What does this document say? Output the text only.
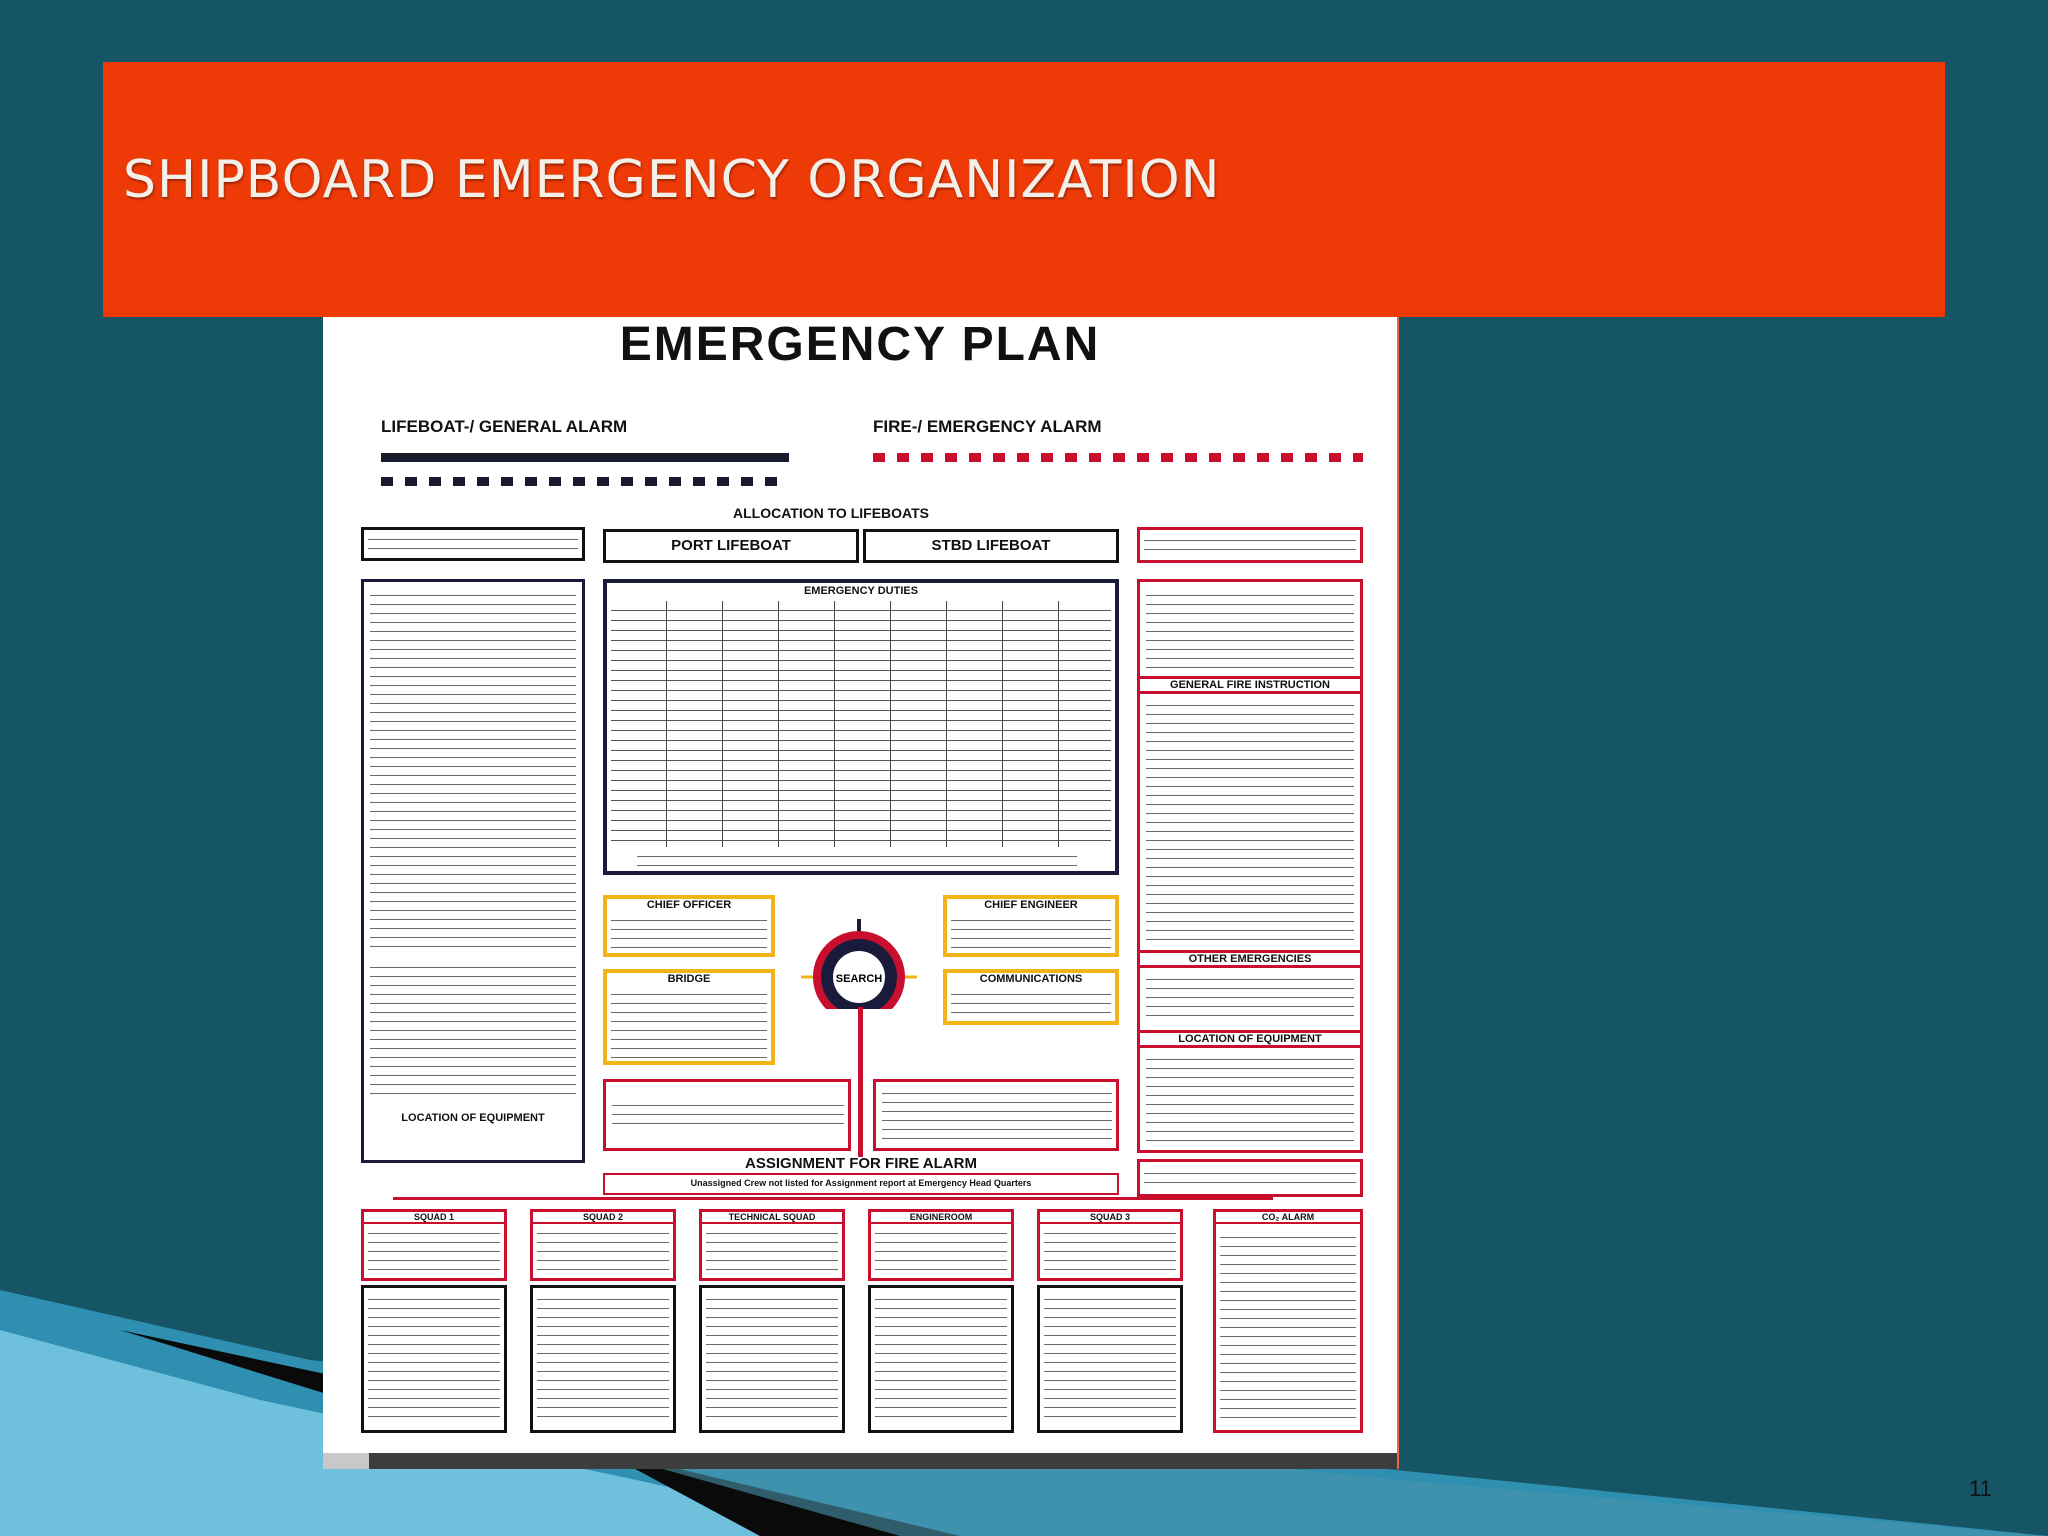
SHIPBOARD EMERGENCY ORGANIZATION
EMERGENCY PLAN
LIFEBOAT-/ GENERAL ALARM	FIRE-/ EMERGENCY ALARM
ALLOCATION TO LIFEBOATS
LOCATION OF EQUIPMENT
PORT LIFEBOAT	STBD LIFEBOAT
EMERGENCY DUTIES
GENERAL FIRE INSTRUCTION
OTHER EMERGENCIES
LOCATION OF EQUIPMENT
CHIEF OFFICER	CHIEF ENGINEER
BRIDGE	COMMUNICATIONS
SEARCH
ASSIGNMENT FOR FIRE ALARM
Unassigned Crew not listed for Assignment report at Emergency Head Quarters
SQUAD 1	SQUAD 2	TECHNICAL SQUAD	ENGINEROOM	SQUAD 3	CO₂ ALARM
11
